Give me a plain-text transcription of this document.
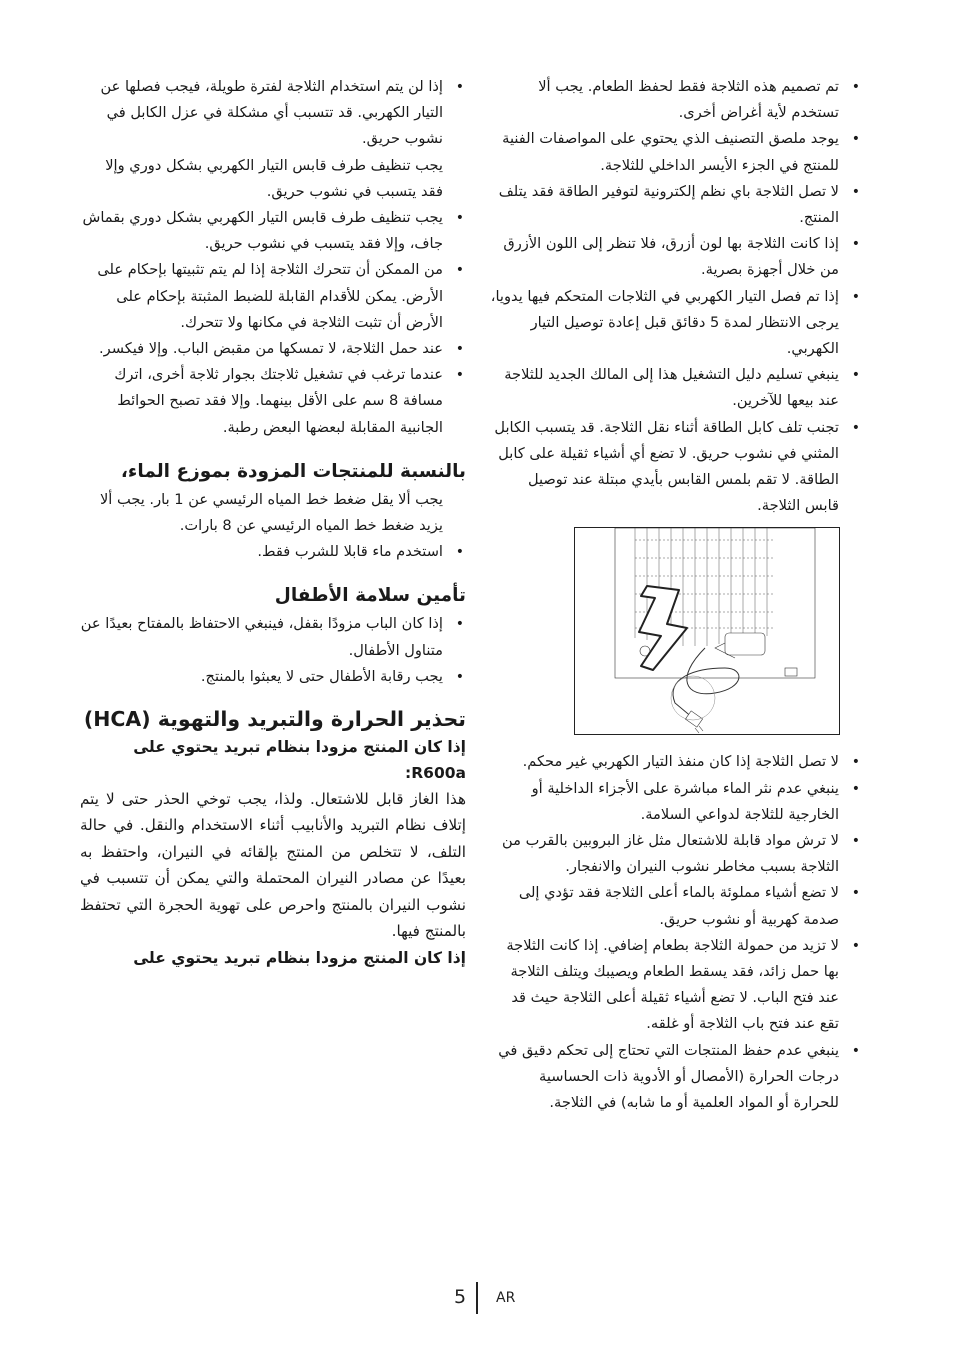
• تم تصميم هذه الثلاجة فقط لحفظ الطعام. يجب ألا تستخدم لأية أغراض أخرى.
• يوجد ملصق التصنيف الذي يحتوي على المواصفات الفنية للمنتج في الجزء الأيسر الداخلي للثلاجة.
• لا تصل الثلاجة باي نظم إلكترونية لتوفير الطاقة فقد يتلف المنتج.
• إذا كانت الثلاجة بها لون أزرق، فلا تنظر إلى اللون الأزرق من خلال أجهزة بصرية.
• إذا تم فصل التيار الكهربي في الثلاجات المتحكم فيها يدويا، يرجى الانتظار لمدة 5 دقائق قبل إعادة توصيل التيار الكهربي.
• ينبغي تسليم دليل التشغيل هذا إلى المالك الجديد للثلاجة عند بيعها للآخرين.
• تجنب تلف كابل الطاقة أثناء نقل الثلاجة. قد يتسبب الكابل المثني في نشوب حريق. لا تضع أي أشياء ثقيلة على كابل الطاقة. لا تقم بلمس القابس بأيدي مبتلة عند توصيل قابس الثلاجة.
• لا تصل الثلاجة إذا كان منفذ التيار الكهربي غير محكم.
• ينبغي عدم نثر الماء مباشرة على الأجزاء الداخلية أو الخارجية للثلاجة لدواعي السلامة.
• لا ترش مواد قابلة للاشتعال مثل غاز البروبين بالقرب من الثلاجة بسبب مخاطر نشوب النيران والانفجار.
• لا تضع أشياء مملوئة بالماء أعلى الثلاجة فقد تؤدي إلى صدمة كهربية أو نشوب حريق.
• لا تزيد من حمولة الثلاجة بطعام إضافي. إذا كانت الثلاجة بها حمل زائد، فقد يسقط الطعام ويصيبك ويتلف الثلاجة عند فتح الباب. لا تضع أشياء ثقيلة أعلى الثلاجة حيث قد تقع عند فتح باب الثلاجة أو غلقه.
• ينبغي عدم حفظ المنتجات التي تحتاج إلى تحكم دقيق في درجات الحرارة (الأمصال أو الأدوية ذات الحساسية للحرارة أو المواد العلمية أو ما شابه) في الثلاجة.
• إذا لن يتم استخدام الثلاجة لفترة طويلة، فيجب فصلها عن التيار الكهربي. قد تتسبب أي مشكلة في عزل الكابل في نشوب حريق.
يجب تنظيف طرف قابس التيار الكهربي بشكل دوري وإلا فقد يتسبب في نشوب حريق.
• يجب تنظيف طرف قابس التيار الكهربي بشكل دوري بقماش جاف، وإلا فقد يتسبب في نشوب حريق.
• من الممكن أن تتحرك الثلاجة إذا لم يتم تثبيتها بإحكام على الأرض. يمكن للأقدام القابلة للضبط المثبتة بإحكام على الأرض أن تثبت الثلاجة في مكانها ولا تتحرك.
• عند حمل الثلاجة، لا تمسكها من مقبض الباب. وإلا فيكسر.
• عندما ترغب في تشغيل ثلاجتك بجوار ثلاجة أخرى، اترك مسافة 8 سم على الأقل بينهما. وإلا فقد تصبح الحوائط الجانبية المقابلة لبعضها البعض رطبة.
بالنسبة للمنتجات المزودة بموزع الماء،

يجب ألا يقل ضغط خط المياه الرئيسي عن 1 بار. يجب ألا يزيد ضغط خط المياه الرئيسي عن 8 بارات.

• استخدم ماء قابلا للشرب فقط.
تأمين سلامة الأطفال
• إذا كان الباب مزودًا بقفل، فينبغي الاحتفاظ بالمفتاح بعيدًا عن متناول الأطفال.
• يجب رقابة الأطفال حتى لا يعبثوا بالمنتج.
تحذير الحرارة والتبريد والتهوية (HCA)
إذا كان المنتج مزودا بنظام تبريد يحتوي على R600a:

هذا الغاز قابل للاشتعال. ولذا، يجب توخي الحذر حتى لا يتم إتلاف نظام التبريد والأنابيب أثناء الاستخدام والنقل. في حالة التلف، لا تتخلص من المنتج بإلقائه في النيران، واحتفظ به بعيدًا عن مصادر النيران المحتملة والتي يمكن أن تتسبب في نشوب النيران بالمنتج واحرص على تهوية الحجرة التي تحتفظ بالمنتج فيها.

إذا كان المنتج مزودا بنظام تبريد يحتوي على
5 AR
